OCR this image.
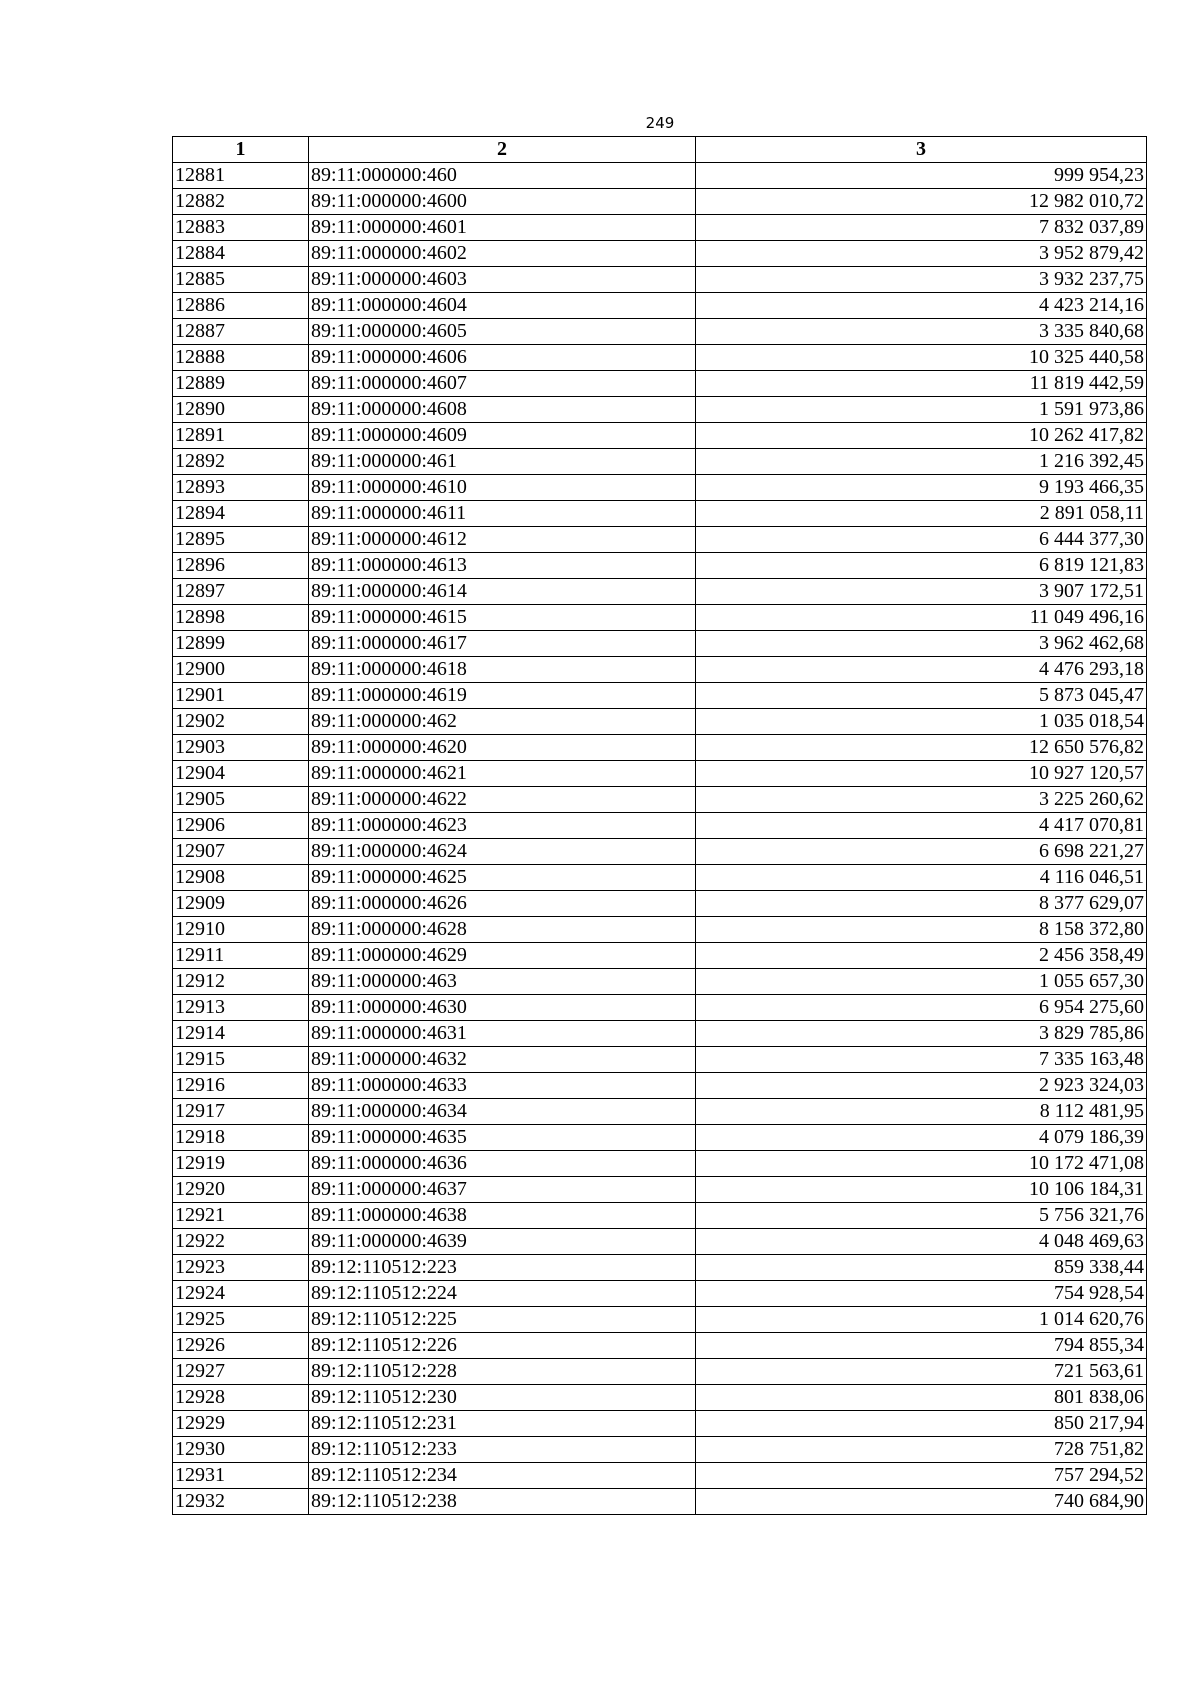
249
1	2	3
12881	89:11:000000:460	999 954,23
12882	89:11:000000:4600	12 982 010,72
12883	89:11:000000:4601	7 832 037,89
12884	89:11:000000:4602	3 952 879,42
12885	89:11:000000:4603	3 932 237,75
12886	89:11:000000:4604	4 423 214,16
12887	89:11:000000:4605	3 335 840,68
12888	89:11:000000:4606	10 325 440,58
12889	89:11:000000:4607	11 819 442,59
12890	89:11:000000:4608	1 591 973,86
12891	89:11:000000:4609	10 262 417,82
12892	89:11:000000:461	1 216 392,45
12893	89:11:000000:4610	9 193 466,35
12894	89:11:000000:4611	2 891 058,11
12895	89:11:000000:4612	6 444 377,30
12896	89:11:000000:4613	6 819 121,83
12897	89:11:000000:4614	3 907 172,51
12898	89:11:000000:4615	11 049 496,16
12899	89:11:000000:4617	3 962 462,68
12900	89:11:000000:4618	4 476 293,18
12901	89:11:000000:4619	5 873 045,47
12902	89:11:000000:462	1 035 018,54
12903	89:11:000000:4620	12 650 576,82
12904	89:11:000000:4621	10 927 120,57
12905	89:11:000000:4622	3 225 260,62
12906	89:11:000000:4623	4 417 070,81
12907	89:11:000000:4624	6 698 221,27
12908	89:11:000000:4625	4 116 046,51
12909	89:11:000000:4626	8 377 629,07
12910	89:11:000000:4628	8 158 372,80
12911	89:11:000000:4629	2 456 358,49
12912	89:11:000000:463	1 055 657,30
12913	89:11:000000:4630	6 954 275,60
12914	89:11:000000:4631	3 829 785,86
12915	89:11:000000:4632	7 335 163,48
12916	89:11:000000:4633	2 923 324,03
12917	89:11:000000:4634	8 112 481,95
12918	89:11:000000:4635	4 079 186,39
12919	89:11:000000:4636	10 172 471,08
12920	89:11:000000:4637	10 106 184,31
12921	89:11:000000:4638	5 756 321,76
12922	89:11:000000:4639	4 048 469,63
12923	89:12:110512:223	859 338,44
12924	89:12:110512:224	754 928,54
12925	89:12:110512:225	1 014 620,76
12926	89:12:110512:226	794 855,34
12927	89:12:110512:228	721 563,61
12928	89:12:110512:230	801 838,06
12929	89:12:110512:231	850 217,94
12930	89:12:110512:233	728 751,82
12931	89:12:110512:234	757 294,52
12932	89:12:110512:238	740 684,90
